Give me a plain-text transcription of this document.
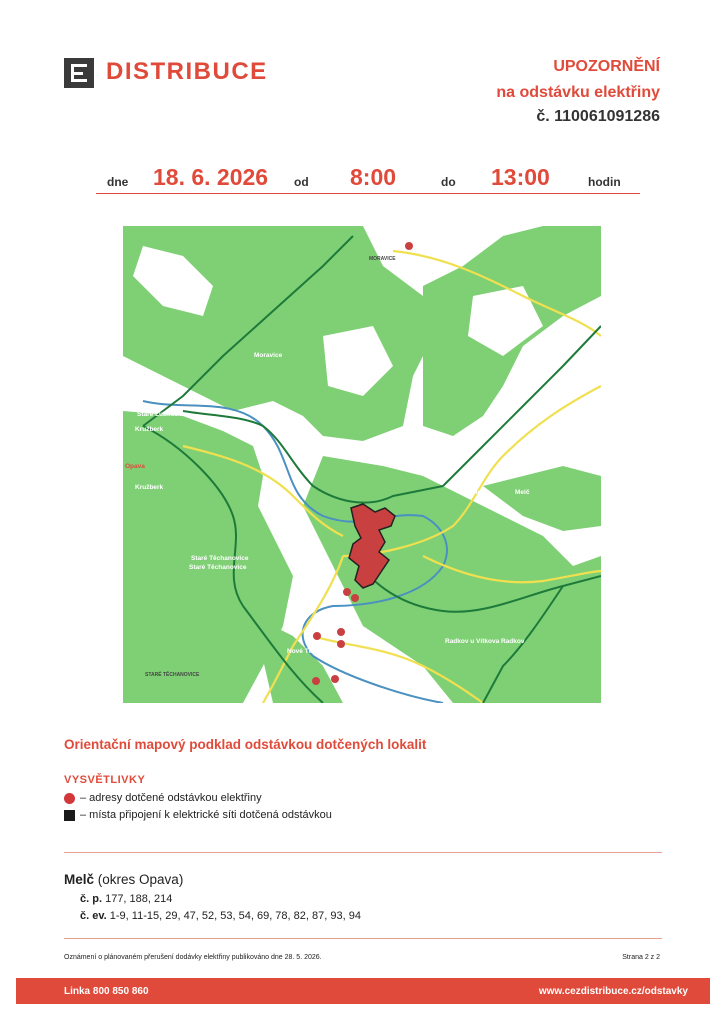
DISTRIBUCE	UPOZORNĚNÍ
na odstávku elektřiny
č. 110061091286
dne 18. 6. 2026 od 8:00	do 13:00	hodin
MORAVICE
Nové Lublice
Nové Lublice
Moravice	Moravice
Staré Lublice
Kružberk
Opava
Kružberk
Melč	Melč
Staré Těchanovice
Staré Těchanovice
Radkov u Vítkova Radkov
Nové TěchanoviceVítkov
STARÉ TĚCHANOVICE
Orientační mapový podklad odstávkou dotčených lokalit
VYSVĚTLIVKY
– adresy dotčené odstávkou elektřiny
– místa připojení k elektrické síti dotčená odstávkou
Melč (okres Opava)
č. p. 177, 188, 214
č. ev. 1-9, 11-15, 29, 47, 52, 53, 54, 69, 78, 82, 87, 93, 94
Oznámení o plánovaném přerušení dodávky elektřiny publikováno dne 28. 5. 2026.	Strana 2 z 2
Linka 800 850 860	www.cezdistribuce.cz/odstavky
